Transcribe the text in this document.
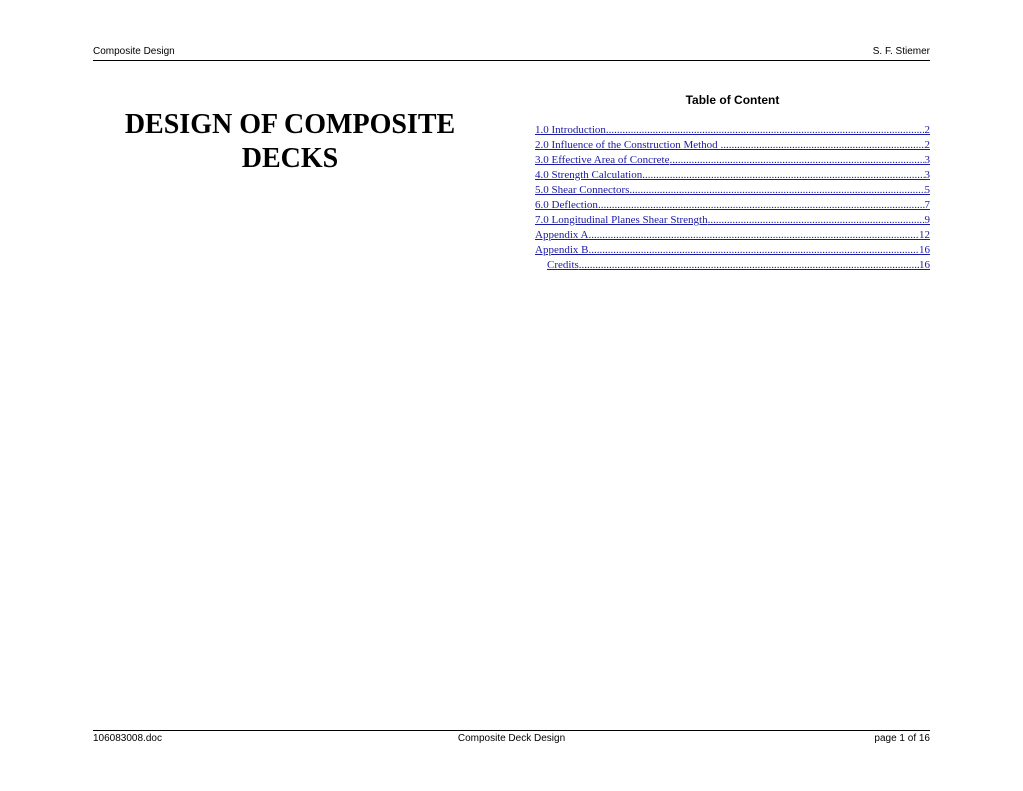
Composite Design	S. F. Stiemer
DESIGN OF COMPOSITE
DECKS
Table of Content
1.0 Introduction .....	2
2.0 Influence of the Construction Method .....	2
3.0 Effective Area of Concrete .....	3
4.0 Strength Calculation .....	3
5.0 Shear Connectors .....	5
6.0 Deflection .....	7
7.0 Longitudinal Planes Shear Strength .....	9
Appendix A .....	12
Appendix B .....	16
Credits .....	16
106083008.doc	Composite Deck Design	page 1 of 16
